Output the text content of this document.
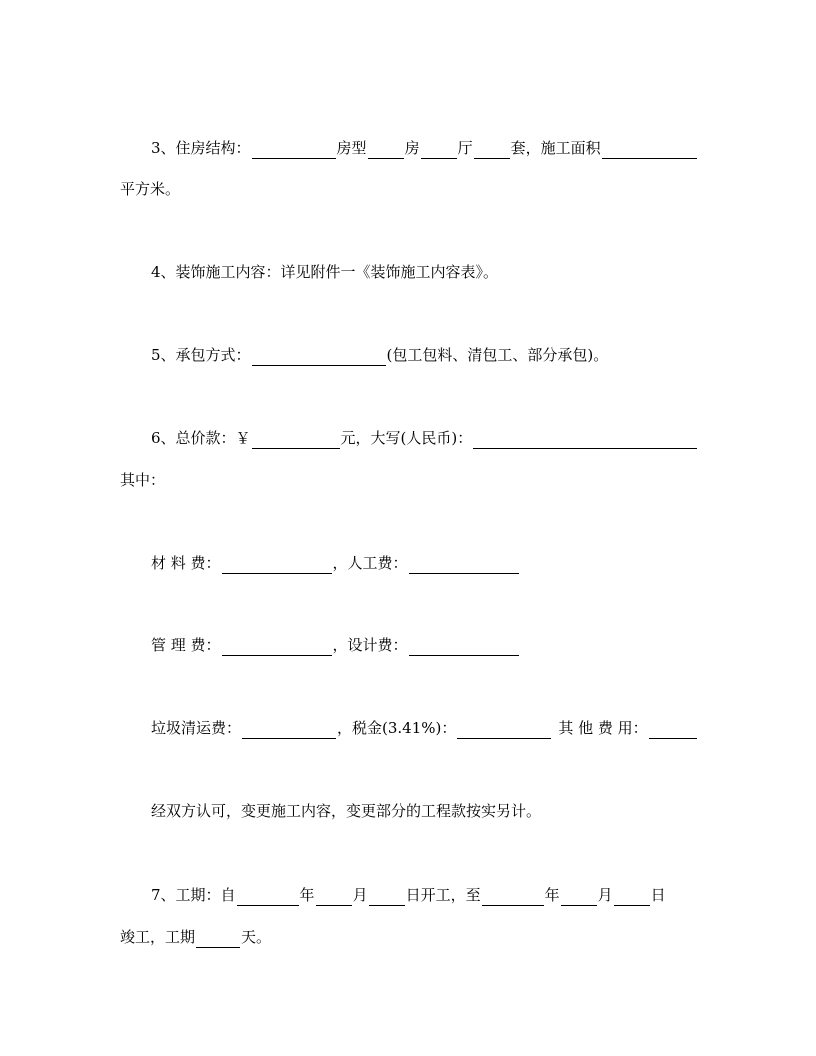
3、住房结构：	房型	房	厅	套，施工面积
平方米。
4、装饰施工内容：详见附件一《装饰施工内容表》。
5、承包方式：	(包工包料、清包工、部分承包)。
6、总价款：￥	元，大写(人民币)：
其中：
材 料 费：	，人工费：
管 理 费：	，设计费：
垃圾清运费：	，税金(3.41%)：	其 他 费 用：
经双方认可，变更施工内容，变更部分的工程款按实另计。
7、工期：自	年	月	日开工，至	年	月	日
竣工，工期	天。
